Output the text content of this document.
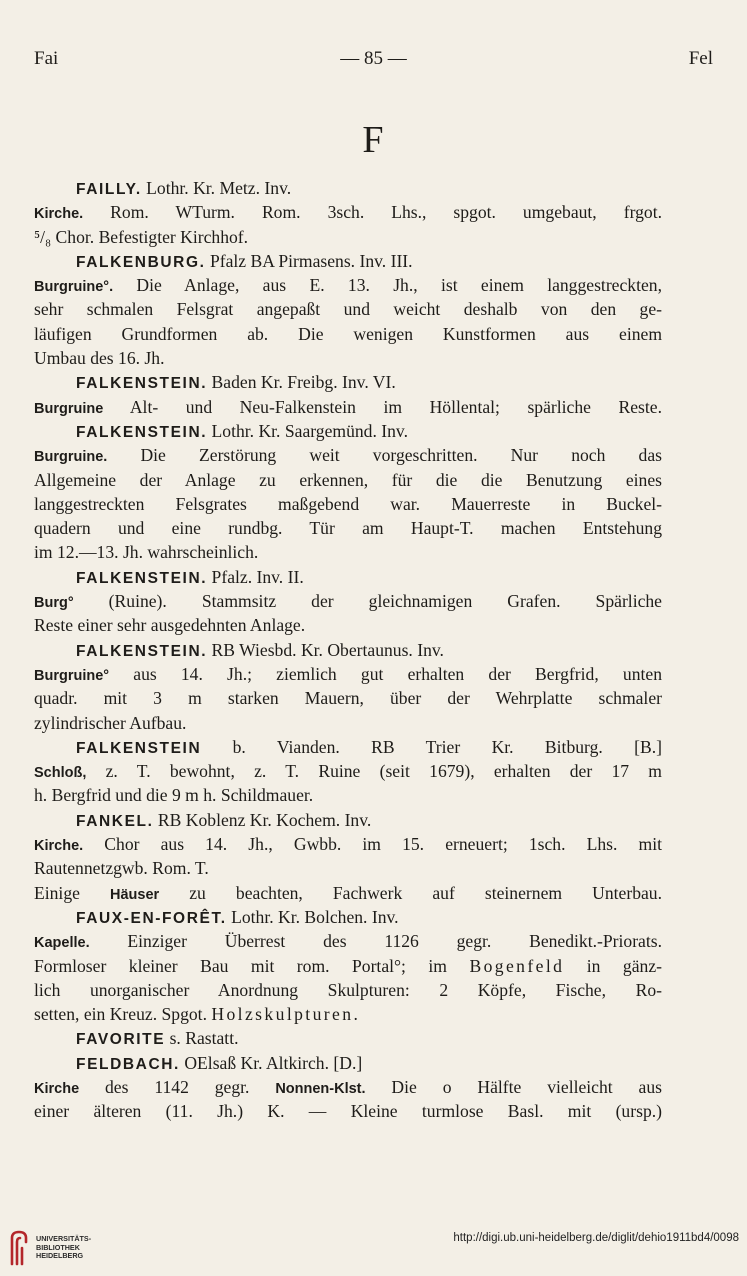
Fai	— 85 —	Fel
F
FAILLY. Lothr. Kr. Metz. Inv.
Kirche. Rom. WTurm. Rom. 3sch. Lhs., spgot. umgebaut, frgot.
⁵/₈ Chor. Befestigter Kirchhof.
FALKENBURG. Pfalz BA Pirmasens. Inv. III.
Burgruine°. Die Anlage, aus E. 13. Jh., ist einem langgestreckten,
sehr schmalen Felsgrat angepaßt und weicht deshalb von den ge-
läufigen Grundformen ab. Die wenigen Kunstformen aus einem
Umbau des 16. Jh.
FALKENSTEIN. Baden Kr. Freibg. Inv. VI.
Burgruine Alt- und Neu-Falkenstein im Höllental; spärliche Reste.
FALKENSTEIN. Lothr. Kr. Saargemünd. Inv.
Burgruine. Die Zerstörung weit vorgeschritten. Nur noch das
Allgemeine der Anlage zu erkennen, für die die Benutzung eines
langgestreckten Felsgrates maßgebend war. Mauerreste in Buckel-
quadern und eine rundbg. Tür am Haupt-T. machen Entstehung
im 12.—13. Jh. wahrscheinlich.
FALKENSTEIN. Pfalz. Inv. II.
Burg° (Ruine). Stammsitz der gleichnamigen Grafen. Spärliche
Reste einer sehr ausgedehnten Anlage.
FALKENSTEIN. RB Wiesbd. Kr. Obertaunus. Inv.
Burgruine° aus 14. Jh.; ziemlich gut erhalten der Bergfrid, unten
quadr. mit 3 m starken Mauern, über der Wehrplatte schmaler
zylindrischer Aufbau.
FALKENSTEIN b. Vianden. RB Trier Kr. Bitburg. [B.]
Schloß, z. T. bewohnt, z. T. Ruine (seit 1679), erhalten der 17 m
h. Bergfrid und die 9 m h. Schildmauer.
FANKEL. RB Koblenz Kr. Kochem. Inv.
Kirche. Chor aus 14. Jh., Gwbb. im 15. erneuert; 1sch. Lhs. mit
Rautennetzgwb. Rom. T.
Einige Häuser zu beachten, Fachwerk auf steinernem Unterbau.
FAUX-EN-FORÊT. Lothr. Kr. Bolchen. Inv.
Kapelle. Einziger Überrest des 1126 gegr. Benedikt.-Priorats.
Formloser kleiner Bau mit rom. Portal°; im Bogenfeld in gänz-
lich unorganischer Anordnung Skulpturen: 2 Köpfe, Fische, Ro-
setten, ein Kreuz. Spgot. Holzskulpturen.
FAVORITE s. Rastatt.
FELDBACH. OElsaß Kr. Altkirch. [D.]
Kirche des 1142 gegr. Nonnen-Klst. Die o Hälfte vielleicht aus
einer älteren (11. Jh.) K. — Kleine turmlose Basl. mit (ursp.)
UNIVERSITÄTS-
BIBLIOTHEK
HEIDELBERG
http://digi.ub.uni-heidelberg.de/diglit/dehio1911bd4/0098
